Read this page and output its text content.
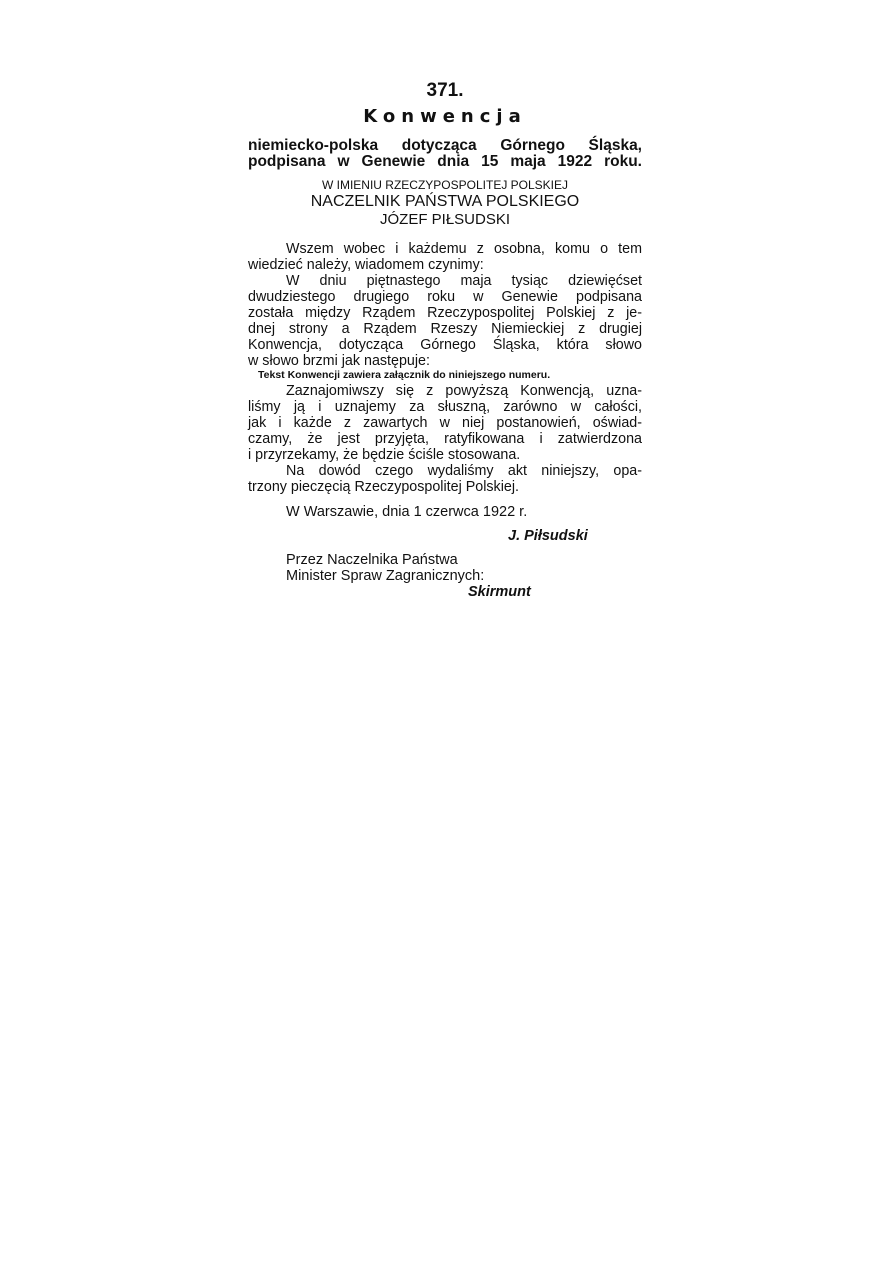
371.
Konwencja
niemiecko-polska dotycząca Górnego Śląska,
podpisana w Genewie dnia 15 maja 1922 roku.
W IMIENIU RZECZYPOSPOLITEJ POLSKIEJ
NACZELNIK PAŃSTWA POLSKIEGO
JÓZEF PIŁSUDSKI
Wszem wobec i każdemu z osobna, komu o tem
wiedzieć należy, wiadomem czynimy:
W dniu piętnastego maja tysiąc dziewięćset
dwudziestego drugiego roku w Genewie podpisana
została między Rządem Rzeczypospolitej Polskiej z je-
dnej strony a Rządem Rzeszy Niemieckiej z drugiej
Konwencja, dotycząca Górnego Śląska, która słowo
w słowo brzmi jak następuje:
Tekst Konwencji zawiera załącznik do niniejszego numeru.
Zaznajomiwszy się z powyższą Konwencją, uzna-
liśmy ją i uznajemy za słuszną, zarówno w całości,
jak i każde z zawartych w niej postanowień, oświad-
czamy, że jest przyjęta, ratyfikowana i zatwierdzona
i przyrzekamy, że będzie ściśle stosowana.
Na dowód czego wydaliśmy akt niniejszy, opa-
trzony pieczęcią Rzeczypospolitej Polskiej.
W Warszawie, dnia 1 czerwca 1922 r.
J. Piłsudski
Przez Naczelnika Państwa
Minister Spraw Zagranicznych:
Skirmunt
